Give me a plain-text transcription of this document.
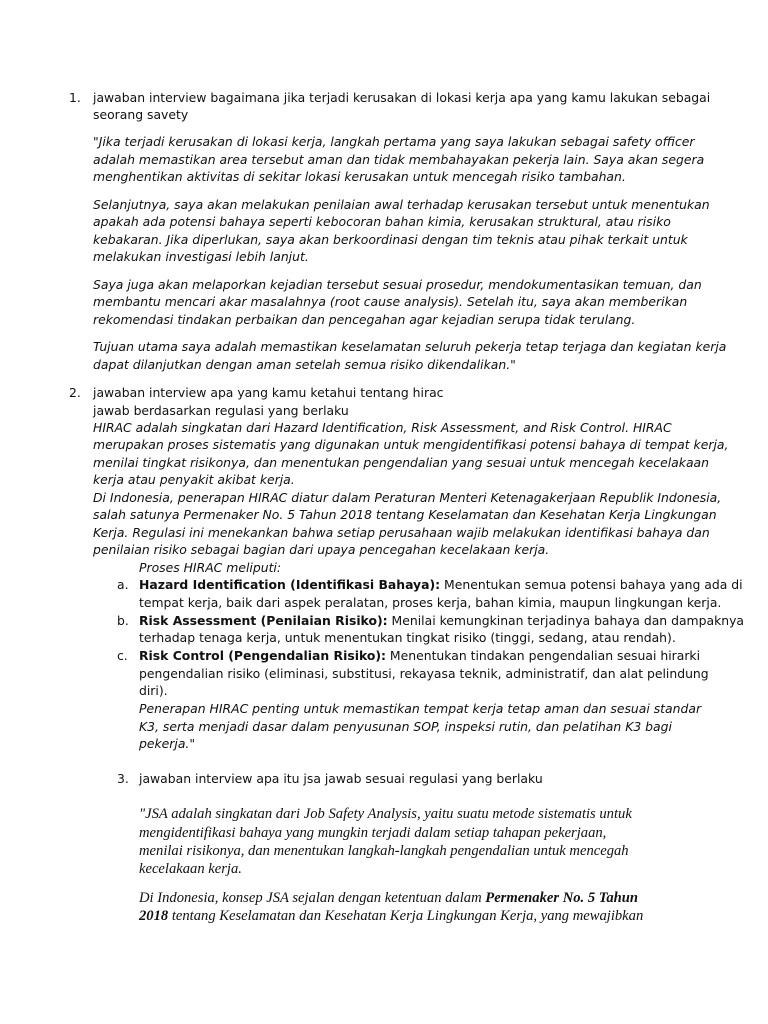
1. jawaban interview bagaimana jika terjadi kerusakan di lokasi kerja apa yang kamu lakukan sebagai
seorang savety
"Jika terjadi kerusakan di lokasi kerja, langkah pertama yang saya lakukan sebagai safety officer
adalah memastikan area tersebut aman dan tidak membahayakan pekerja lain. Saya akan segera
menghentikan aktivitas di sekitar lokasi kerusakan untuk mencegah risiko tambahan.
Selanjutnya, saya akan melakukan penilaian awal terhadap kerusakan tersebut untuk menentukan
apakah ada potensi bahaya seperti kebocoran bahan kimia, kerusakan struktural, atau risiko
kebakaran. Jika diperlukan, saya akan berkoordinasi dengan tim teknis atau pihak terkait untuk
melakukan investigasi lebih lanjut.
Saya juga akan melaporkan kejadian tersebut sesuai prosedur, mendokumentasikan temuan, dan
membantu mencari akar masalahnya (root cause analysis). Setelah itu, saya akan memberikan
rekomendasi tindakan perbaikan dan pencegahan agar kejadian serupa tidak terulang.
Tujuan utama saya adalah memastikan keselamatan seluruh pekerja tetap terjaga dan kegiatan kerja
dapat dilanjutkan dengan aman setelah semua risiko dikendalikan."
2. jawaban interview apa yang kamu ketahui tentang hirac
jawab berdasarkan regulasi yang berlaku
HIRAC adalah singkatan dari Hazard Identification, Risk Assessment, and Risk Control. HIRAC
merupakan proses sistematis yang digunakan untuk mengidentifikasi potensi bahaya di tempat kerja,
menilai tingkat risikonya, dan menentukan pengendalian yang sesuai untuk mencegah kecelakaan
kerja atau penyakit akibat kerja.
Di Indonesia, penerapan HIRAC diatur dalam Peraturan Menteri Ketenagakerjaan Republik Indonesia,
salah satunya Permenaker No. 5 Tahun 2018 tentang Keselamatan dan Kesehatan Kerja Lingkungan
Kerja. Regulasi ini menekankan bahwa setiap perusahaan wajib melakukan identifikasi bahaya dan
penilaian risiko sebagai bagian dari upaya pencegahan kecelakaan kerja.
Proses HIRAC meliputi:
a. Hazard Identification (Identifikasi Bahaya): Menentukan semua potensi bahaya yang ada di
tempat kerja, baik dari aspek peralatan, proses kerja, bahan kimia, maupun lingkungan kerja.
b. Risk Assessment (Penilaian Risiko): Menilai kemungkinan terjadinya bahaya dan dampaknya
terhadap tenaga kerja, untuk menentukan tingkat risiko (tinggi, sedang, atau rendah).
c. Risk Control (Pengendalian Risiko): Menentukan tindakan pengendalian sesuai hirarki
pengendalian risiko (eliminasi, substitusi, rekayasa teknik, administratif, dan alat pelindung
diri).
Penerapan HIRAC penting untuk memastikan tempat kerja tetap aman dan sesuai standar
K3, serta menjadi dasar dalam penyusunan SOP, inspeksi rutin, dan pelatihan K3 bagi
pekerja."
3. jawaban interview apa itu jsa jawab sesuai regulasi yang berlaku
"JSA adalah singkatan dari Job Safety Analysis, yaitu suatu metode sistematis untuk
mengidentifikasi bahaya yang mungkin terjadi dalam setiap tahapan pekerjaan,
menilai risikonya, dan menentukan langkah-langkah pengendalian untuk mencegah
kecelakaan kerja.
Di Indonesia, konsep JSA sejalan dengan ketentuan dalam Permenaker No. 5 Tahun
2018 tentang Keselamatan dan Kesehatan Kerja Lingkungan Kerja, yang mewajibkan
